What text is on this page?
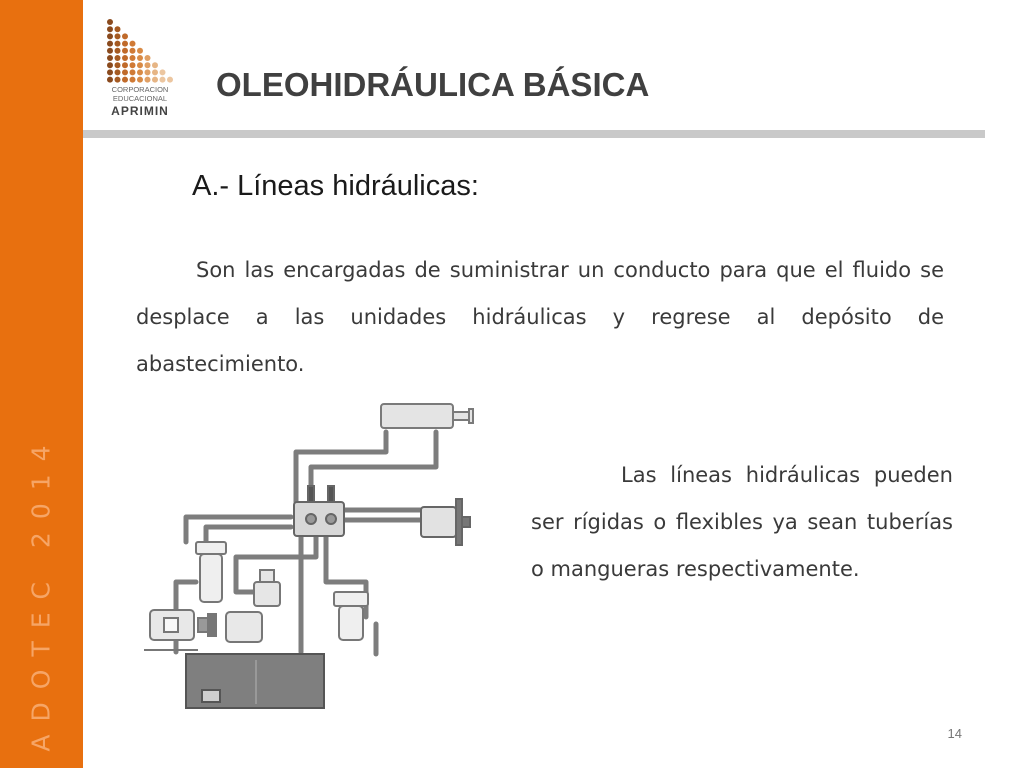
ADOTEC 2014
CORPORACION
EDUCACIONAL
APRIMIN
OLEOHIDRÁULICA BÁSICA
A.- Líneas hidráulicas:

Son las encargadas de suministrar un conducto para que el fluido se desplace a las unidades hidráulicas y regrese al depósito de abastecimiento.

Las líneas hidráulicas pueden ser rígidas o flexibles ya sean tuberías o mangueras respectivamente.

14
